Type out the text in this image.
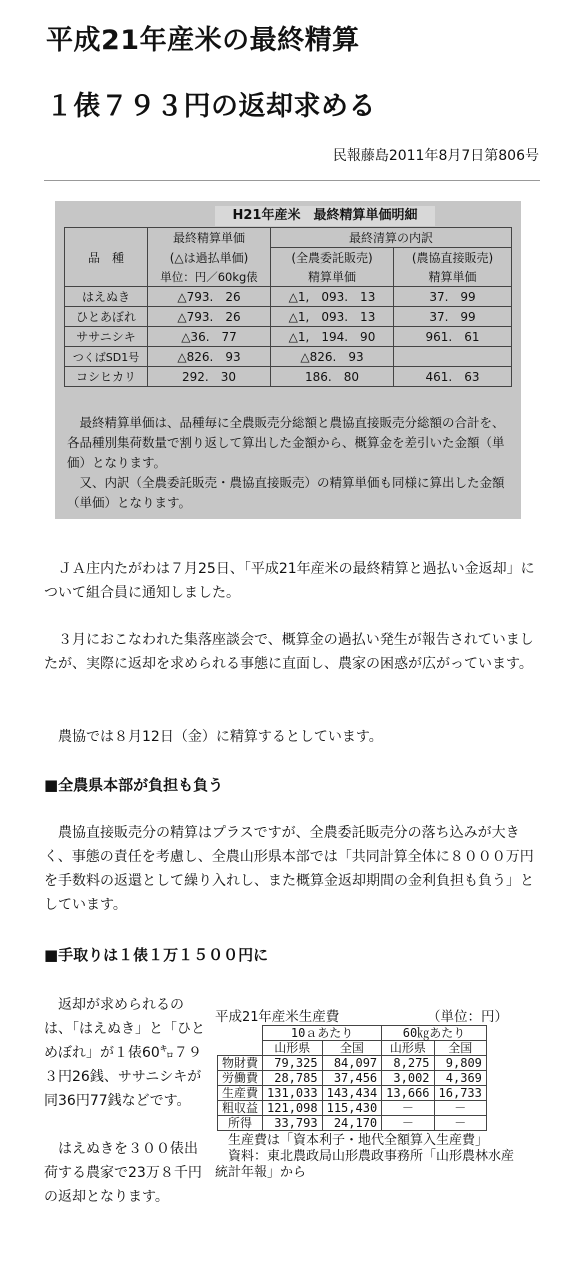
平成21年産米の最終精算
１俵７９３円の返却求める
民報藤島2011年8月7日第806号
H21年産米　最終精算単価明細
品　種	最終精算単価	最終清算の内訳	
	(△は過払単価)	(全農委託販売)	(農協直接販売)
	単位：円／60kg俵	精算単価	精算単価
はえぬき	△793.　26	△1,　093.　13	37.　99
ひとあぼれ	△793.　26	△1,　093.　13	37.　99
ササニシキ	△36.　77	△1,　194.　90	961.　61
つくばSD1号	△826.　93	△826.　93	
コシヒカリ	292.　30	186.　80	461.　63
最終精算単価は、品種毎に全農販売分総額と農協直接販売分総額の合計を、各品種別集荷数量で割り返して算出した金額から、概算金を差引いた金額（単価）となります。
又、内訳（全農委託販売・農協直接販売）の精算単価も同様に算出した金額（単価）となります。
ＪＡ庄内たがわは７月25日、「平成21年産米の最終精算と過払い金返却」について組合員に通知しました。
３月におこなわれた集落座談会で、概算金の過払い発生が報告されていましたが、実際に返却を求められる事態に直面し、農家の困惑が広がっています。
農協では８月12日（金）に精算するとしています。
■全農県本部が負担も負う
農協直接販売分の精算はプラスですが、全農委託販売分の落ち込みが大きく、事態の責任を考慮し、全農山形県本部では「共同計算全体に８０００万円を手数料の返還として繰り入れし、また概算金返却期間の金利負担も負う」としています。
■手取りは１俵１万１５００円に
返却が求められるのは、「はえぬき」と「ひとめぼれ」が１俵60㌔７９３円26銭、ササニシキが同36円77銭などです。
はえぬきを３００俵出荷する農家で23万８千円の返却となります。
平成21年産米生産費	（単位：円）
	10ａあたり		60㎏あたり	
	山形県	全国	山形県	全国
物財費	79,325	84,097	8,275	9,809
労働費	28,785	37,456	3,002	4,369
生産費	131,033	143,434	13,666	16,733
粗収益	121,098	115,430	－	－
所得	33,793	24,170	－	－
生産費は「資本利子・地代全額算入生産費」
資料：東北農政局山形農政事務所「山形農林水産統計年報」から
